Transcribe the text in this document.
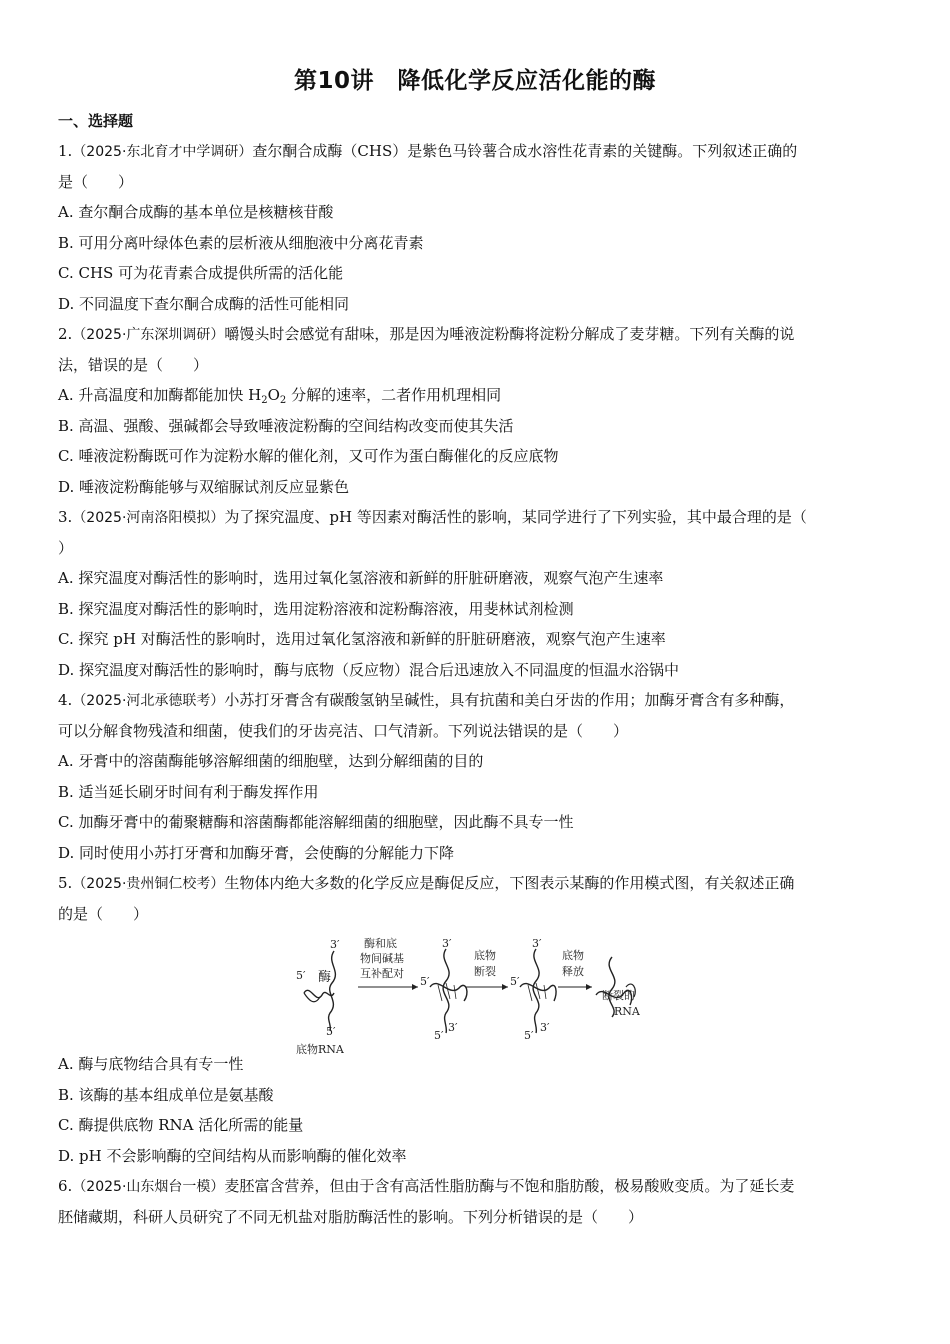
第10讲　降低化学反应活化能的酶
一、选择题
1.（2025·东北育才中学调研）查尔酮合成酶（CHS）是紫色马铃薯合成水溶性花青素的关键酶。下列叙述正确的
是（　　）
A. 查尔酮合成酶的基本单位是核糖核苷酸
B. 可用分离叶绿体色素的层析液从细胞液中分离花青素
C. CHS 可为花青素合成提供所需的活化能
D. 不同温度下查尔酮合成酶的活性可能相同
2.（2025·广东深圳调研）嚼馒头时会感觉有甜味，那是因为唾液淀粉酶将淀粉分解成了麦芽糖。下列有关酶的说
法，错误的是（　　）
A. 升高温度和加酶都能加快 $H_2O_2$ 分解的速率，二者作用机理相同
B. 高温、强酸、强碱都会导致唾液淀粉酶的空间结构改变而使其失活
C. 唾液淀粉酶既可作为淀粉水解的催化剂，又可作为蛋白酶催化的反应底物
D. 唾液淀粉酶能够与双缩脲试剂反应显紫色
3.（2025·河南洛阳模拟）为了探究温度、pH 等因素对酶活性的影响，某同学进行了下列实验，其中最合理的是（
）
A. 探究温度对酶活性的影响时，选用过氧化氢溶液和新鲜的肝脏研磨液，观察气泡产生速率
B. 探究温度对酶活性的影响时，选用淀粉溶液和淀粉酶溶液，用斐林试剂检测
C. 探究 pH 对酶活性的影响时，选用过氧化氢溶液和新鲜的肝脏研磨液，观察气泡产生速率
D. 探究温度对酶活性的影响时，酶与底物（反应物）混合后迅速放入不同温度的恒温水浴锅中
4.（2025·河北承德联考）小苏打牙膏含有碳酸氢钠呈碱性，具有抗菌和美白牙齿的作用；加酶牙膏含有多种酶，
可以分解食物残渣和细菌，使我们的牙齿亮洁、口气清新。下列说法错误的是（　　）
A. 牙膏中的溶菌酶能够溶解细菌的细胞壁，达到分解细菌的目的
B. 适当延长刷牙时间有利于酶发挥作用
C. 加酶牙膏中的葡聚糖酶和溶菌酶都能溶解细菌的细胞壁，因此酶不具专一性
D. 同时使用小苏打牙膏和加酶牙膏，会使酶的分解能力下降
5.（2025·贵州铜仁校考）生物体内绝大多数的化学反应是酶促反应，下图表示某酶的作用模式图，有关叙述正确
的是（　　）
3′
5′ 酶
5′
底物RNA
酶和底
物间碱基
互补配对
3′
5′
5′
3′
底物
断裂
3′
5′
5′
3′
底物
释放
断裂的
RNA
A. 酶与底物结合具有专一性
B. 该酶的基本组成单位是氨基酸
C. 酶提供底物 RNA 活化所需的能量
D. pH 不会影响酶的空间结构从而影响酶的催化效率
6.（2025·山东烟台一模）麦胚富含营养，但由于含有高活性脂肪酶与不饱和脂肪酸，极易酸败变质。为了延长麦
胚储藏期，科研人员研究了不同无机盐对脂肪酶活性的影响。下列分析错误的是（　　）
